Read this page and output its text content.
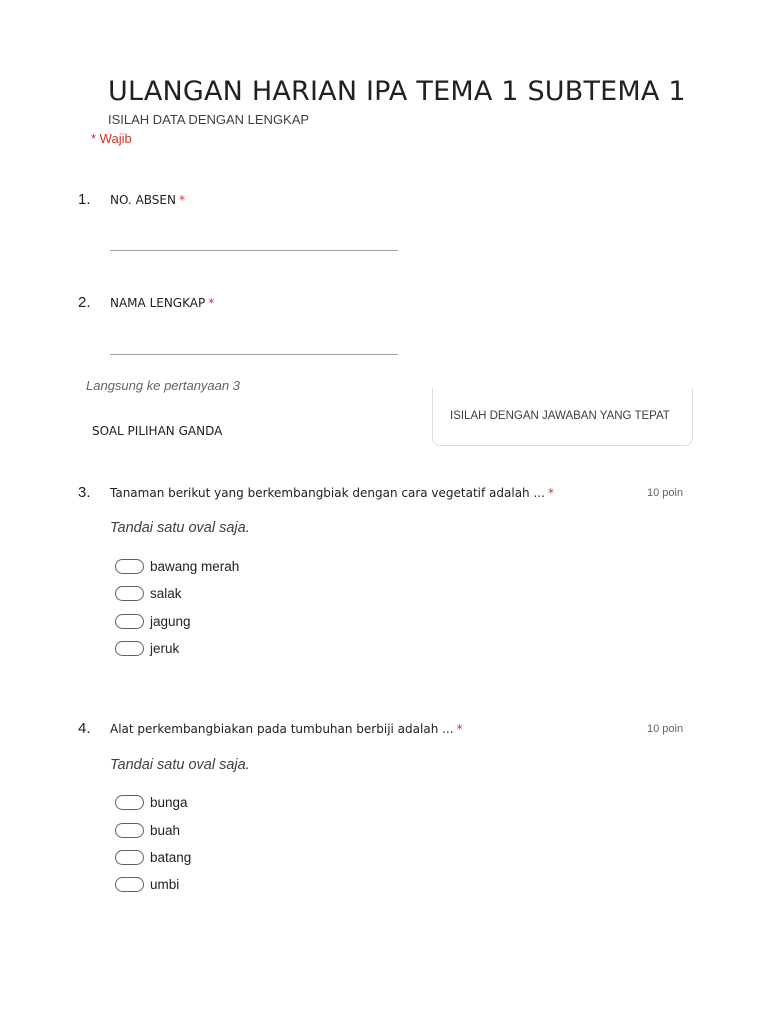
ULANGAN HARIAN IPA TEMA 1 SUBTEMA 1
ISILAH DATA DENGAN LENGKAP
* Wajib
1. NO. ABSEN *
2. NAMA LENGKAP *
Langsung ke pertanyaan 3
ISILAH DENGAN JAWABAN YANG TEPAT
SOAL PILIHAN GANDA
3. Tanaman berikut yang berkembangbiak dengan cara vegetatif adalah ... *	10 poin
Tandai satu oval saja.
bawang merah
salak
jagung
jeruk
4. Alat perkembangbiakan pada tumbuhan berbiji adalah ... *	10 poin
Tandai satu oval saja.
bunga
buah
batang
umbi
